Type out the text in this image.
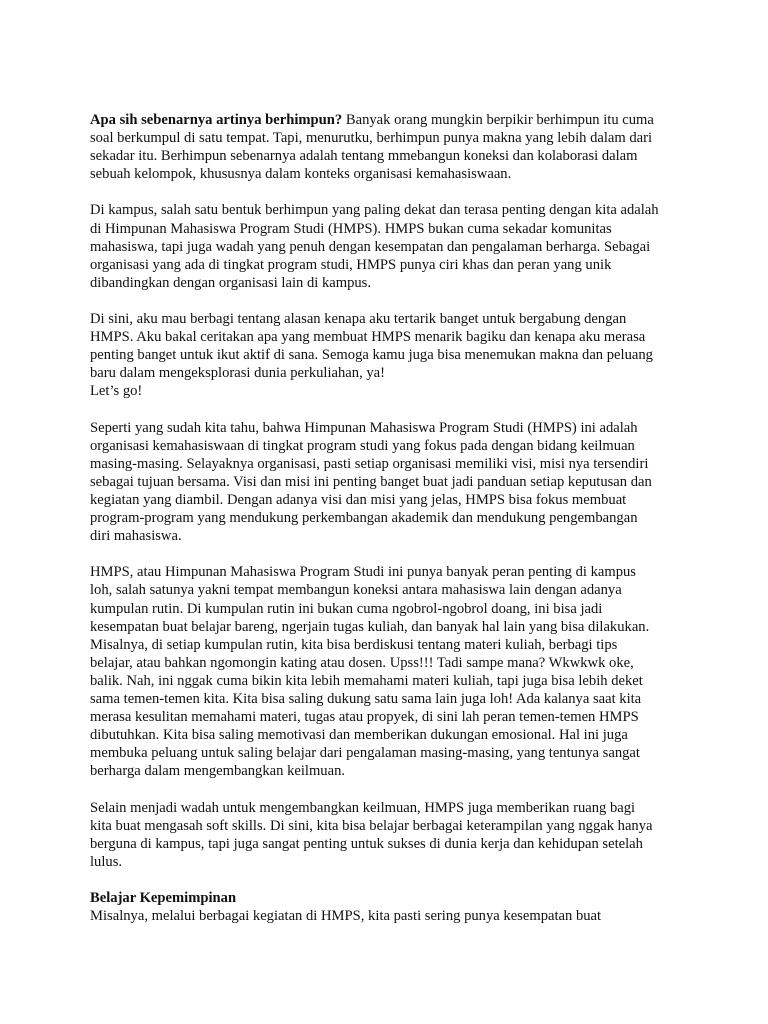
Apa sih sebenarnya artinya berhimpun? Banyak orang mungkin berpikir berhimpun itu cuma
soal berkumpul di satu tempat. Tapi, menurutku, berhimpun punya makna yang lebih dalam dari
sekadar itu. Berhimpun sebenarnya adalah tentang mmebangun koneksi dan kolaborasi dalam
sebuah kelompok, khususnya dalam konteks organisasi kemahasiswaan.

Di kampus, salah satu bentuk berhimpun yang paling dekat dan terasa penting dengan kita adalah
di Himpunan Mahasiswa Program Studi (HMPS). HMPS bukan cuma sekadar komunitas
mahasiswa, tapi juga wadah yang penuh dengan kesempatan dan pengalaman berharga. Sebagai
organisasi yang ada di tingkat program studi, HMPS punya ciri khas dan peran yang unik
dibandingkan dengan organisasi lain di kampus.

Di sini, aku mau berbagi tentang alasan kenapa aku tertarik banget untuk bergabung dengan
HMPS. Aku bakal ceritakan apa yang membuat HMPS menarik bagiku dan kenapa aku merasa
penting banget untuk ikut aktif di sana. Semoga kamu juga bisa menemukan makna dan peluang
baru dalam mengeksplorasi dunia perkuliahan, ya!
Let’s go!

Seperti yang sudah kita tahu, bahwa Himpunan Mahasiswa Program Studi (HMPS) ini adalah
organisasi kemahasiswaan di tingkat program studi yang fokus pada dengan bidang keilmuan
masing-masing. Selayaknya organisasi, pasti setiap organisasi memiliki visi, misi nya tersendiri
sebagai tujuan bersama. Visi dan misi ini penting banget buat jadi panduan setiap keputusan dan
kegiatan yang diambil. Dengan adanya visi dan misi yang jelas, HMPS bisa fokus membuat
program-program yang mendukung perkembangan akademik dan mendukung pengembangan
diri mahasiswa.

HMPS, atau Himpunan Mahasiswa Program Studi ini punya banyak peran penting di kampus
loh, salah satunya yakni tempat membangun koneksi antara mahasiswa lain dengan adanya
kumpulan rutin. Di kumpulan rutin ini bukan cuma ngobrol-ngobrol doang, ini bisa jadi
kesempatan buat belajar bareng, ngerjain tugas kuliah, dan banyak hal lain yang bisa dilakukan.
Misalnya, di setiap kumpulan rutin, kita bisa berdiskusi tentang materi kuliah, berbagi tips
belajar, atau bahkan ngomongin kating atau dosen. Upss!!! Tadi sampe mana? Wkwkwk oke,
balik. Nah, ini nggak cuma bikin kita lebih memahami materi kuliah, tapi juga bisa lebih deket
sama temen-temen kita. Kita bisa saling dukung satu sama lain juga loh! Ada kalanya saat kita
merasa kesulitan memahami materi, tugas atau propyek, di sini lah peran temen-temen HMPS
dibutuhkan. Kita bisa saling memotivasi dan memberikan dukungan emosional. Hal ini juga
membuka peluang untuk saling belajar dari pengalaman masing-masing, yang tentunya sangat
berharga dalam mengembangkan keilmuan.

Selain menjadi wadah untuk mengembangkan keilmuan, HMPS juga memberikan ruang bagi
kita buat mengasah soft skills. Di sini, kita bisa belajar berbagai keterampilan yang nggak hanya
berguna di kampus, tapi juga sangat penting untuk sukses di dunia kerja dan kehidupan setelah
lulus.

Belajar Kepemimpinan

Misalnya, melalui berbagai kegiatan di HMPS, kita pasti sering punya kesempatan buat
